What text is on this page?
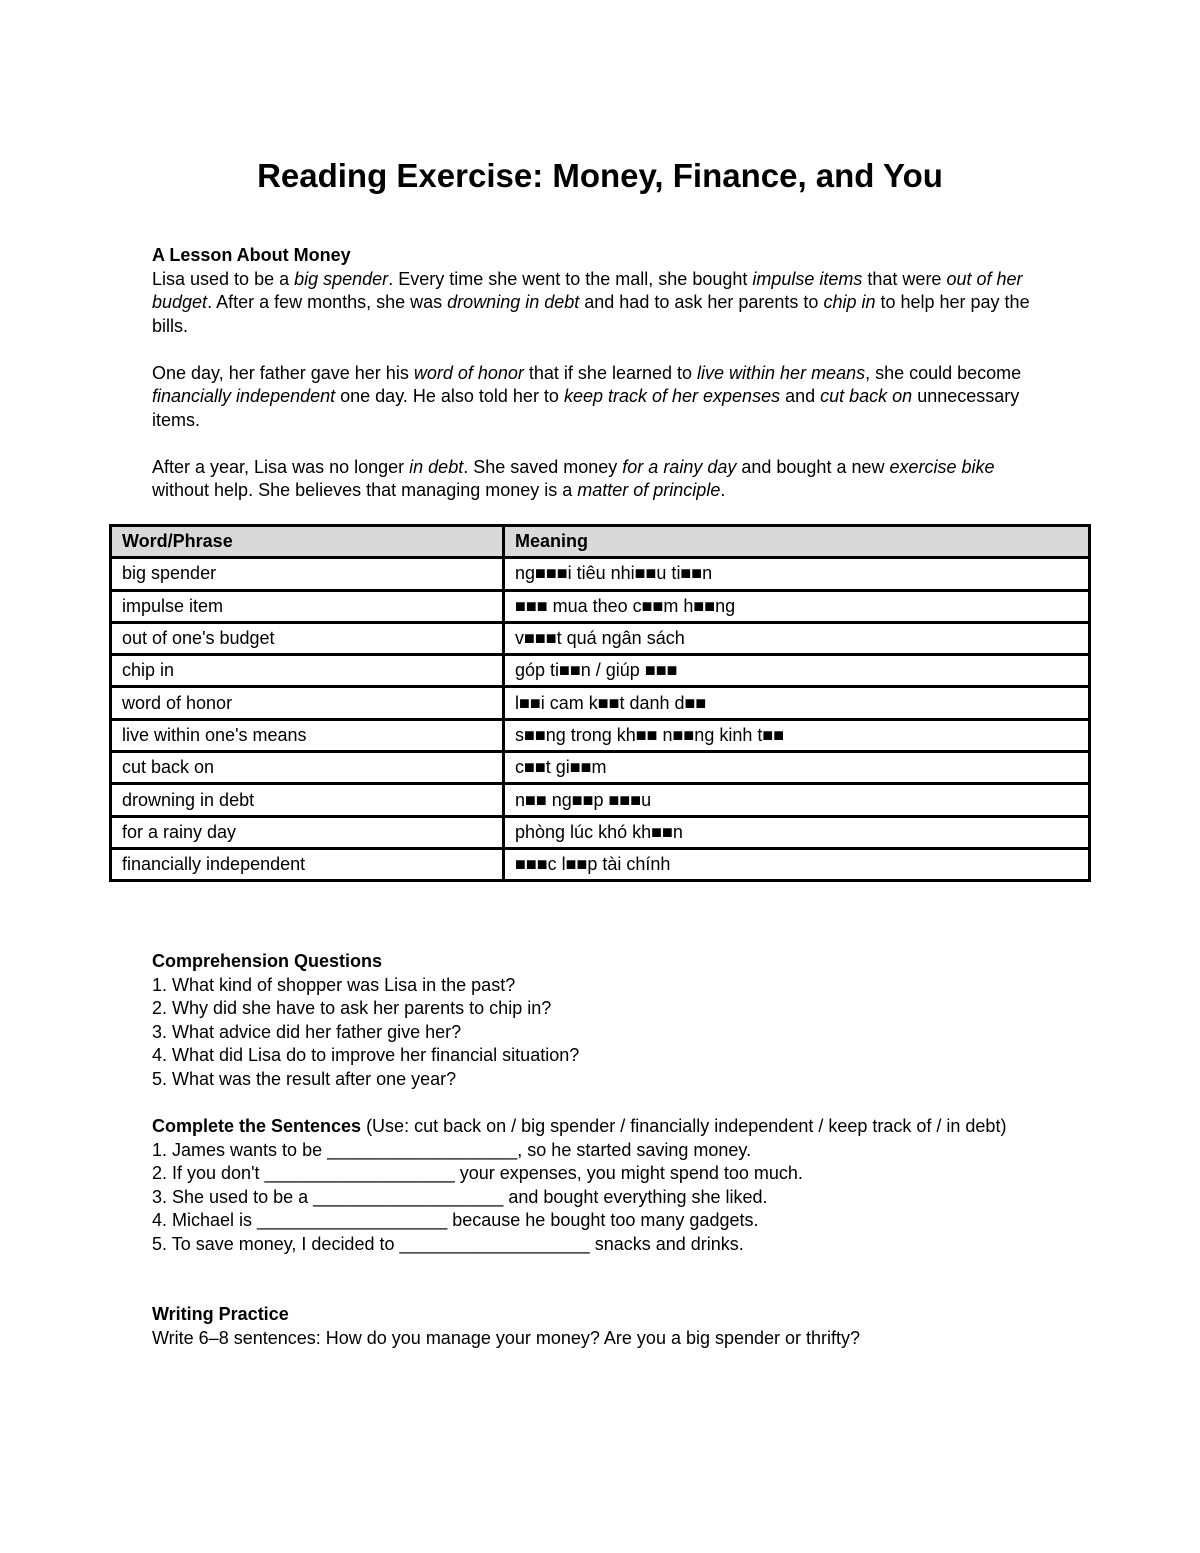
Reading Exercise: Money, Finance, and You

A Lesson About Money

Lisa used to be a big spender. Every time she went to the mall, she bought impulse items that were out of her budget. After a few months, she was drowning in debt and had to ask her parents to chip in to help her pay the bills.

One day, her father gave her his word of honor that if she learned to live within her means, she could become financially independent one day. He also told her to keep track of her expenses and cut back on unnecessary items.

After a year, Lisa was no longer in debt. She saved money for a rainy day and bought a new exercise bike without help. She believes that managing money is a matter of principle.

Word/Phrase	Meaning
big spender	ng■■■i tiêu nhi■■u ti■■n
impulse item	■■■ mua theo c■■m h■■ng
out of one's budget	v■■■t quá ngân sách
chip in	góp ti■■n / giúp ■■■
word of honor	l■■i cam k■■t danh d■■
live within one's means	s■■ng trong kh■■ n■■ng kinh t■■
cut back on	c■■t gi■■m
drowning in debt	n■■ ng■■p ■■■u
for a rainy day	phòng lúc khó kh■■n
financially independent	■■■c l■■p tài chính

Comprehension Questions

1. What kind of shopper was Lisa in the past?

2. Why did she have to ask her parents to chip in?

3. What advice did her father give her?

4. What did Lisa do to improve her financial situation?

5. What was the result after one year?

Complete the Sentences (Use: cut back on / big spender / financially independent / keep track of / in debt)

1. James wants to be ___________________, so he started saving money.

2. If you don't ___________________ your expenses, you might spend too much.

3. She used to be a ___________________ and bought everything she liked.

4. Michael is ___________________ because he bought too many gadgets.

5. To save money, I decided to ___________________ snacks and drinks.

Writing Practice

Write 6–8 sentences: How do you manage your money? Are you a big spender or thrifty?
